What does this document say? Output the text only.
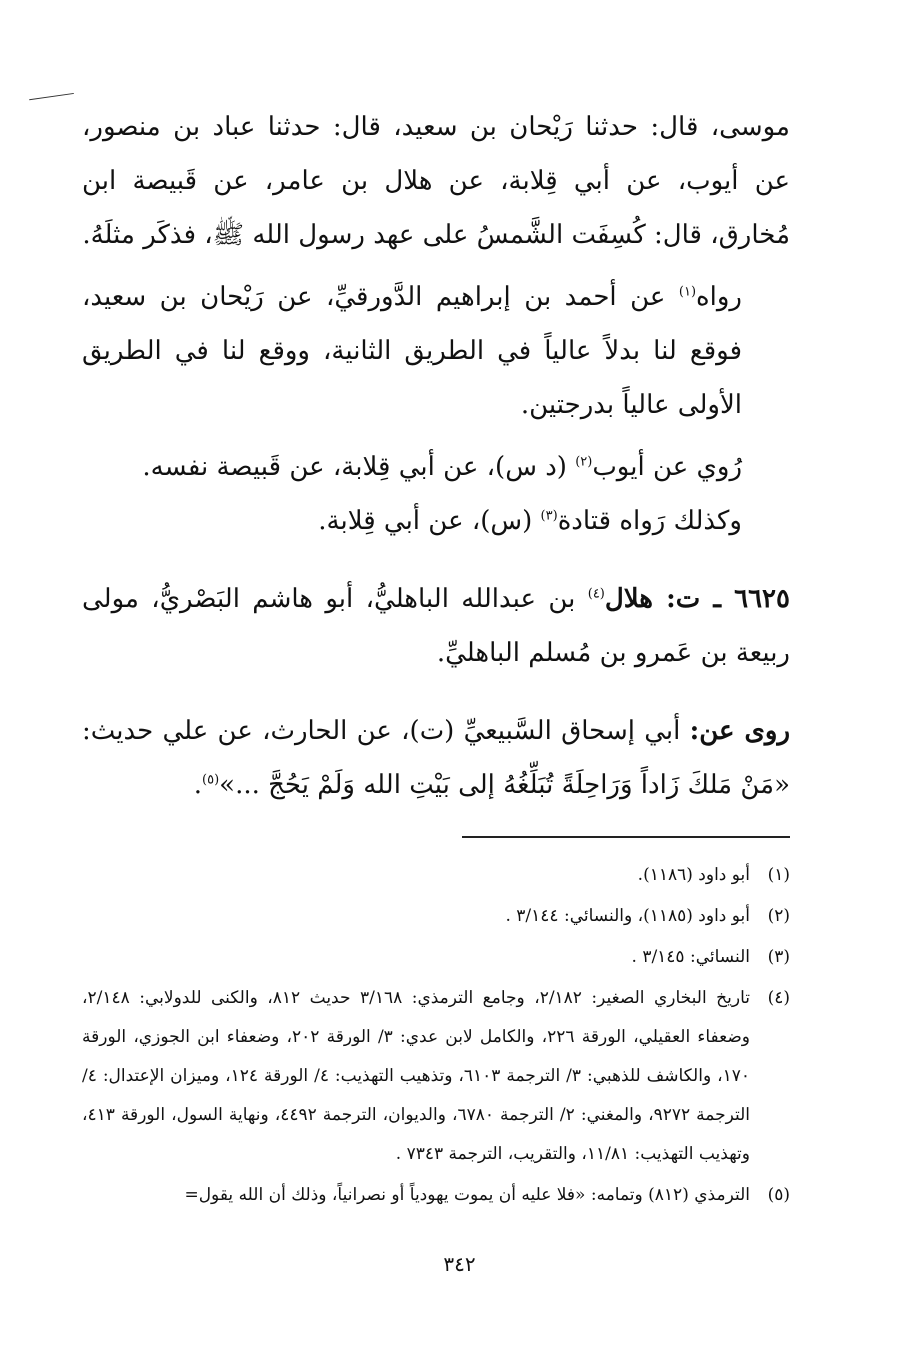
موسى، قال: حدثنا رَيْحان بن سعيد، قال: حدثنا عباد بن منصور، عن أيوب، عن أبي قِلابة، عن هلال بن عامر، عن قَبيصة ابن مُخارق، قال: كُسِفَت الشَّمسُ على عهد رسول الله ﷺ، فذكَر مثلَهُ.

رواه$^{(١)}$ عن أحمد بن إبراهيم الدَّورقيِّ، عن رَيْحان بن سعيد، فوقع لنا بدلاً عالياً في الطريق الثانية، ووقع لنا في الطريق الأولى عالياً بدرجتين.

رُوي عن أيوب$^{(٢)}$ (د س)، عن أبي قِلابة، عن قَبيصة نفسه.

وكذلك رَواه قتادة$^{(٣)}$ (س)، عن أبي قِلابة.

٦٦٢٥ ـ ت: هلال$^{(٤)}$ بن عبدالله الباهليُّ، أبو هاشم البَصْريُّ، مولى ربيعة بن عَمرو بن مُسلم الباهليِّ.

روى عن: أبي إسحاق السَّبيعيِّ (ت)، عن الحارث، عن علي حديث: «مَنْ مَلكَ زَاداً وَرَاحِلَةً تُبَلِّغُهُ إلى بَيْتِ الله وَلَمْ يَحُجَّ ...»$^{(٥)}$.

(١)
أبو داود (١١٨٦).
(٢)
أبو داود (١١٨٥)، والنسائي: ٣/١٤٤ .
(٣)
النسائي: ٣/١٤٥ .
(٤)
تاريخ البخاري الصغير: ٢/١٨٢، وجامع الترمذي: ٣/١٦٨ حديث ٨١٢، والكنى للدولابي: ٢/١٤٨، وضعفاء العقيلي، الورقة ٢٢٦، والكامل لابن عدي: ٣/ الورقة ٢٠٢، وضعفاء ابن الجوزي، الورقة ١٧٠، والكاشف للذهبي: ٣/ الترجمة ٦١٠٣، وتذهيب التهذيب: ٤/ الورقة ١٢٤، وميزان الإعتدال: ٤/ الترجمة ٩٢٧٢، والمغني: ٢/ الترجمة ٦٧٨٠، والديوان، الترجمة ٤٤٩٢، ونهاية السول، الورقة ٤١٣، وتهذيب التهذيب: ١١/٨١، والتقريب، الترجمة ٧٣٤٣ .
(٥)
الترمذي (٨١٢) وتمامه: «فلا عليه أن يموت يهودياً أو نصرانياً، وذلك أن الله يقول=
٣٤٢
